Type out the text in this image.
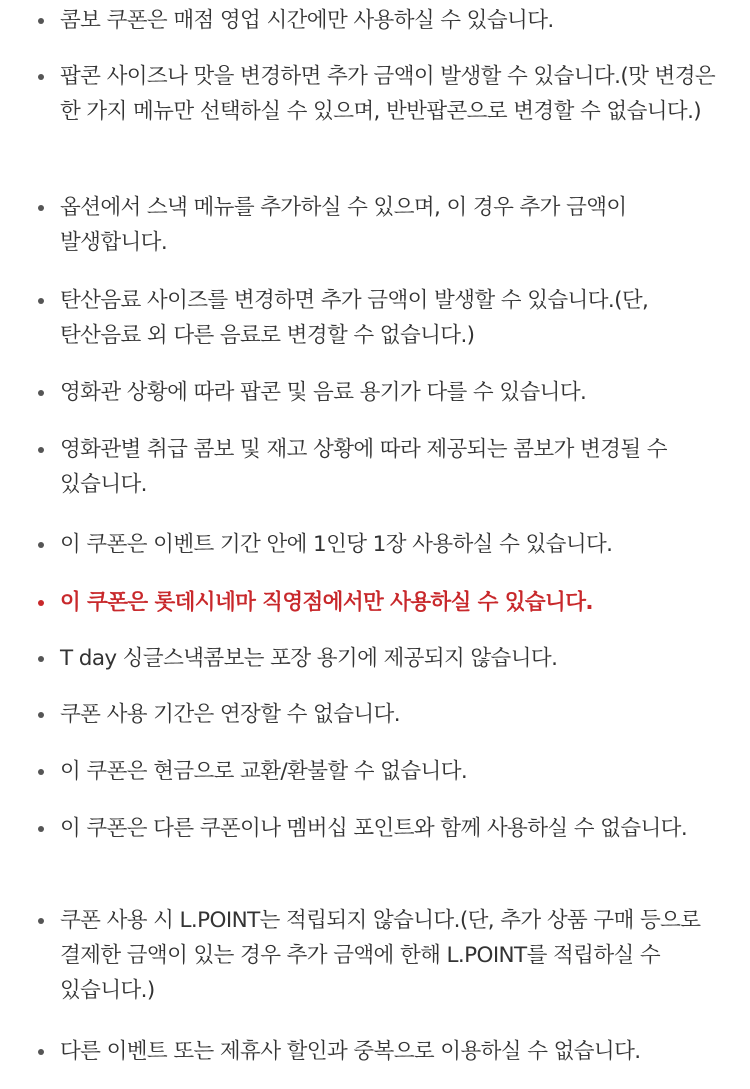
콤보 쿠폰은 매점 영업 시간에만 사용하실 수 있습니다.
팝콘 사이즈나 맛을 변경하면 추가 금액이 발생할 수 있습니다.(맛 변경은 한 가지 메뉴만 선택하실 수 있으며, 반반팝콘으로 변경할 수 없습니다.)
옵션에서 스낵 메뉴를 추가하실 수 있으며, 이 경우 추가 금액이 발생합니다.
탄산음료 사이즈를 변경하면 추가 금액이 발생할 수 있습니다.(단, 탄산음료 외 다른 음료로 변경할 수 없습니다.)
영화관 상황에 따라 팝콘 및 음료 용기가 다를 수 있습니다.
영화관별 취급 콤보 및 재고 상황에 따라 제공되는 콤보가 변경될 수 있습니다.
이 쿠폰은 이벤트 기간 안에 1인당 1장 사용하실 수 있습니다.
이 쿠폰은 롯데시네마 직영점에서만 사용하실 수 있습니다.
T day 싱글스낵콤보는 포장 용기에 제공되지 않습니다.
쿠폰 사용 기간은 연장할 수 없습니다.
이 쿠폰은 현금으로 교환/환불할 수 없습니다.
이 쿠폰은 다른 쿠폰이나 멤버십 포인트와 함께 사용하실 수 없습니다.
쿠폰 사용 시 L.POINT는 적립되지 않습니다.(단, 추가 상품 구매 등으로 결제한 금액이 있는 경우 추가 금액에 한해 L.POINT를 적립하실 수 있습니다.)
다른 이벤트 또는 제휴사 할인과 중복으로 이용하실 수 없습니다.
